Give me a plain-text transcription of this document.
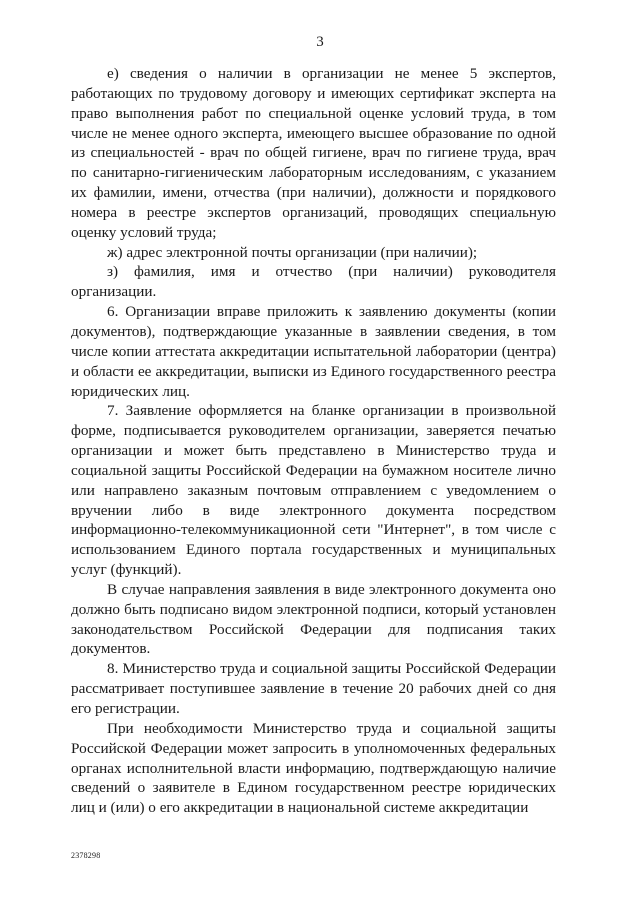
3

е) сведения о наличии в организации не менее 5 экспертов, работающих по трудовому договору и имеющих сертификат эксперта на право выполнения работ по специальной оценке условий труда, в том числе не менее одного эксперта, имеющего высшее образование по одной из специальностей - врач по общей гигиене, врач по гигиене труда, врач по санитарно-гигиеническим лабораторным исследованиям, с указанием их фамилии, имени, отчества (при наличии), должности и порядкового номера в реестре экспертов организаций, проводящих специальную оценку условий труда;

ж) адрес электронной почты организации (при наличии);

з) фамилия, имя и отчество (при наличии) руководителя организации.

6. Организации вправе приложить к заявлению документы (копии документов), подтверждающие указанные в заявлении сведения, в том числе копии аттестата аккредитации испытательной лаборатории (центра) и области ее аккредитации, выписки из Единого государственного реестра юридических лиц.

7. Заявление оформляется на бланке организации в произвольной форме, подписывается руководителем организации, заверяется печатью организации и может быть представлено в Министерство труда и социальной защиты Российской Федерации на бумажном носителе лично или направлено заказным почтовым отправлением с уведомлением о вручении либо в виде электронного документа посредством информационно-телекоммуникационной сети "Интернет", в том числе с использованием Единого портала государственных и муниципальных услуг (функций).

В случае направления заявления в виде электронного документа оно должно быть подписано видом электронной подписи, который установлен законодательством Российской Федерации для подписания таких документов.

8. Министерство труда и социальной защиты Российской Федерации рассматривает поступившее заявление в течение 20 рабочих дней со дня его регистрации.

При необходимости Министерство труда и социальной защиты Российской Федерации может запросить в уполномоченных федеральных органах исполнительной власти информацию, подтверждающую наличие сведений о заявителе в Едином государственном реестре юридических лиц и (или) о его аккредитации в национальной системе аккредитации

2378298
